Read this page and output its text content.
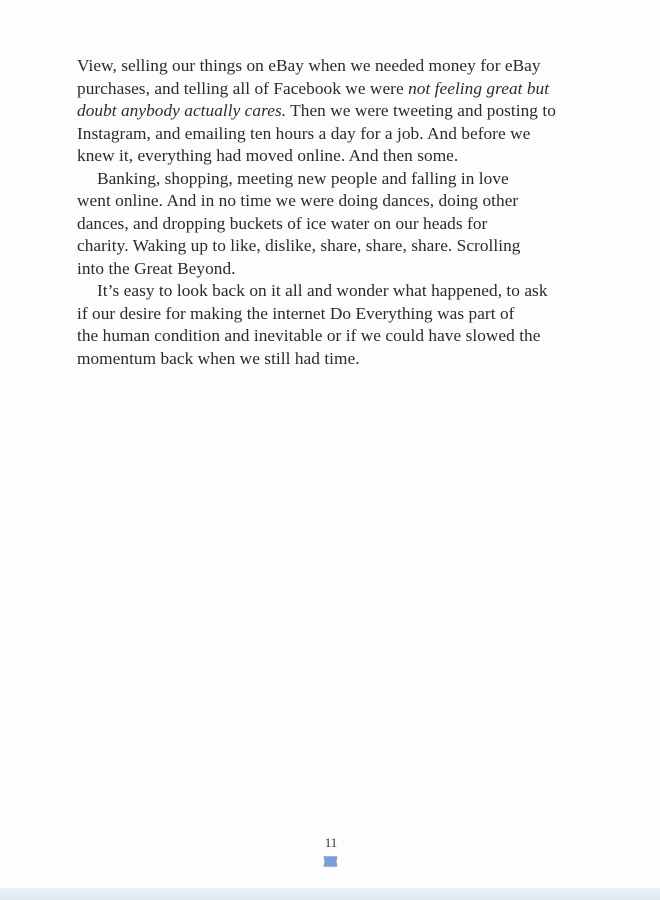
View, selling our things on eBay when we needed money for eBay
purchases, and telling all of Facebook we were not feeling great but
doubt anybody actually cares. Then we were tweeting and posting to
Instagram, and emailing ten hours a day for a job. And before we
knew it, everything had moved online. And then some.
Banking, shopping, meeting new people and falling in love
went online. And in no time we were doing dances, doing other
dances, and dropping buckets of ice water on our heads for
charity. Waking up to like, dislike, share, share, share. Scrolling
into the Great Beyond.
It’s easy to look back on it all and wonder what happened, to ask
if our desire for making the internet Do Everything was part of
the human condition and inevitable or if we could have slowed the
momentum back when we still had time.
11
